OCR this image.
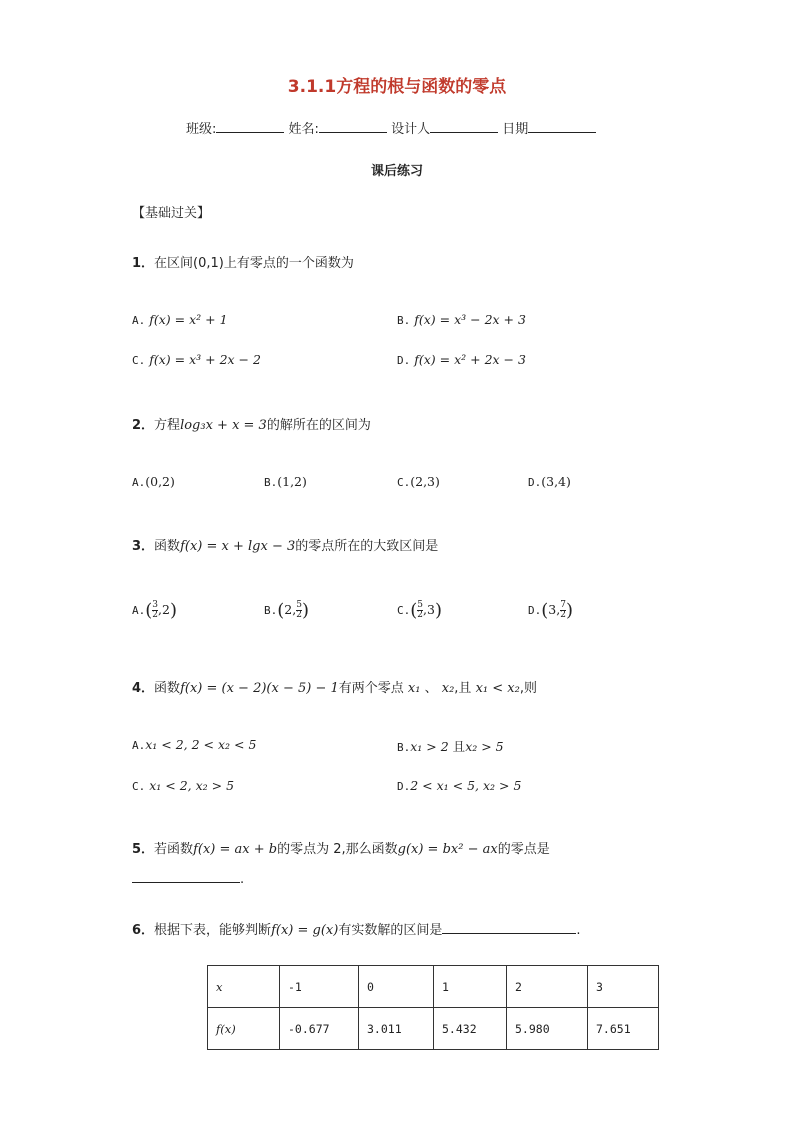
3.1.1方程的根与函数的零点
班级:	姓名:	设计人	日期
课后练习
【基础过关】
1．在区间(0,1)上有零点的一个函数为
A. f(x) = x² + 1	B. f(x) = x³ − 2x + 3
C. f(x) = x³ + 2x − 2	D. f(x) = x² + 2x − 3
2．方程log₃x + x = 3的解所在的区间为
A.(0,2)	B.(1,2)	C.(2,3)	D.(3,4)
3．函数f(x) = x + lgx − 3的零点所在的大致区间是
$A.( \frac{3}{2} ,2)$	B.(2, $\frac{5}{2}$ )	$C.( \frac{5}{2} ,3)$	D.(3, $\frac{7}{2}$ )
4．函数f(x) = (x − 2)(x − 5) − 1有两个零点 x₁ 、 x₂,且 x₁ < x₂,则
A.x₁ < 2, 2 < x₂ < 5	B.x₁ > 2 且x₂ > 5
C. x₁ < 2, x₂ > 5	D.2 < x₁ < 5, x₂ > 5
5．若函数f(x) = ax + b的零点为 2,那么函数g(x) = bx² − ax的零点是
.
6．根据下表，能够判断f(x) = g(x)有实数解的区间是	.
x	-1	0	1	2	3
f(x)	-0.677	3.011	5.432	5.980	7.651
